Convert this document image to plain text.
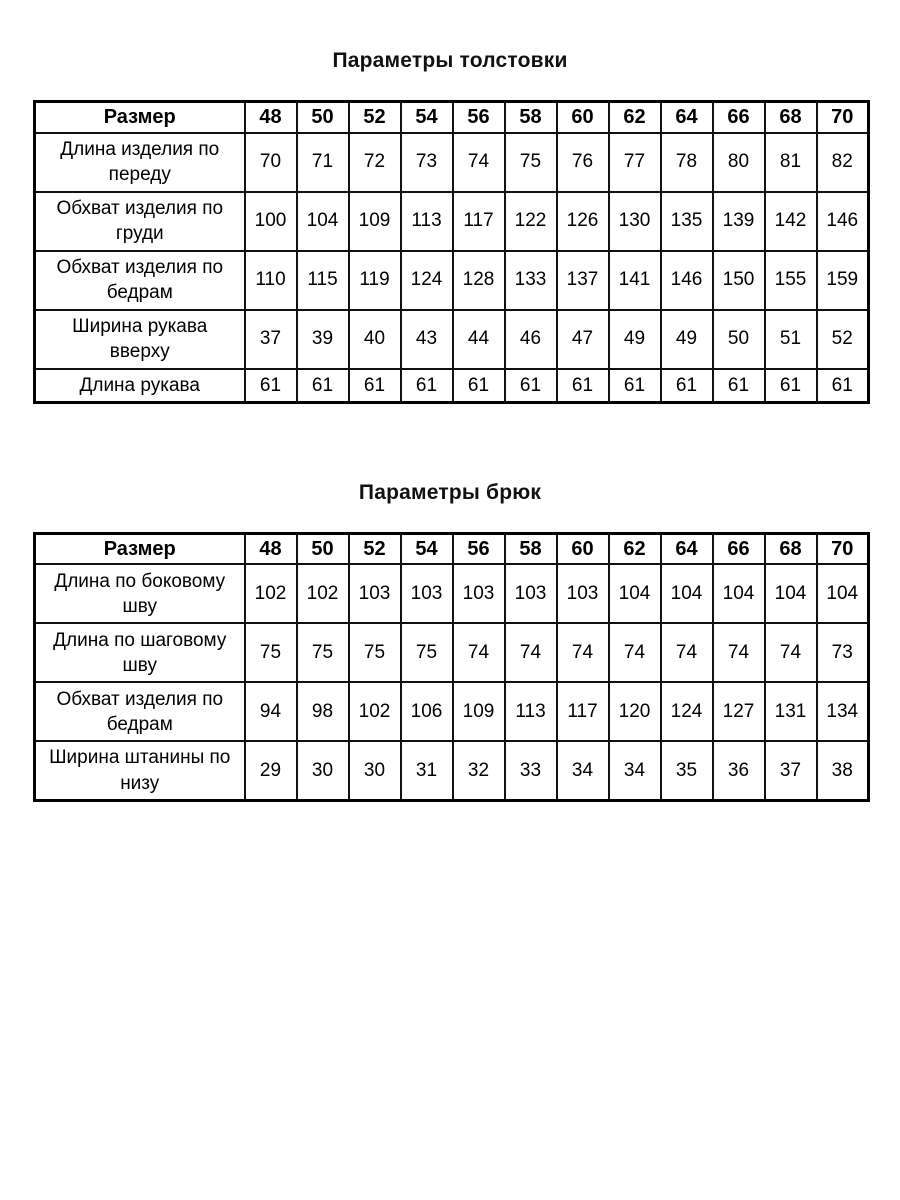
Параметры толстовки
Размер	48	50	52	54	56	58	60	62	64	66	68	70
Длина изделия по переду	70	71	72	73	74	75	76	77	78	80	81	82
Обхват изделия по груди	100	104	109	113	117	122	126	130	135	139	142	146
Обхват изделия по бедрам	110	115	119	124	128	133	137	141	146	150	155	159
Ширина рукава вверху	37	39	40	43	44	46	47	49	49	50	51	52
Длина рукава	61	61	61	61	61	61	61	61	61	61	61	61
Параметры брюк
Размер	48	50	52	54	56	58	60	62	64	66	68	70
Длина по боковому шву	102	102	103	103	103	103	103	104	104	104	104	104
Длина по шаговому шву	75	75	75	75	74	74	74	74	74	74	74	73
Обхват изделия по бедрам	94	98	102	106	109	113	117	120	124	127	131	134
Ширина штанины по низу	29	30	30	31	32	33	34	34	35	36	37	38
